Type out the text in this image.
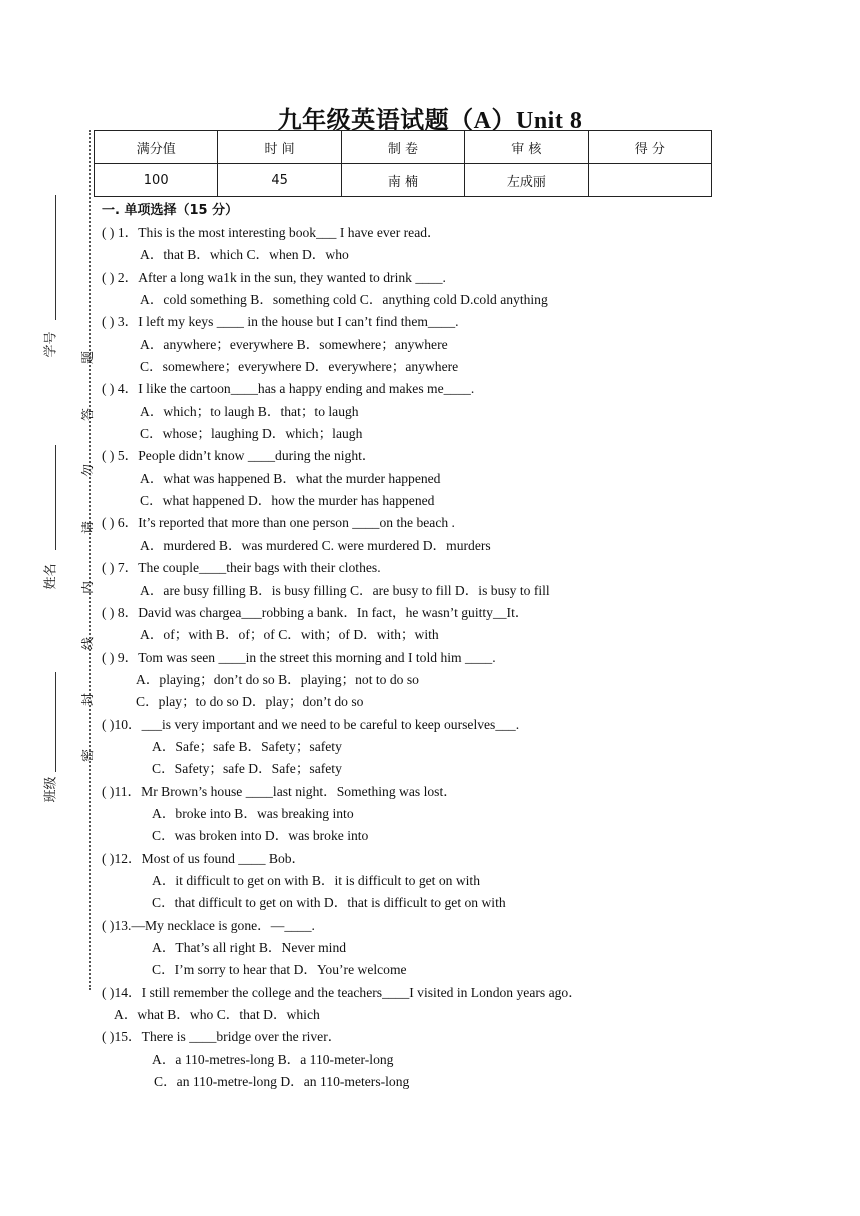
九年级英语试题（A）Unit 8
满分值	时 间	制 卷	审 核	得 分
100	45	南 楠	左成丽	
学号
姓名
班级
题
答
勿
请
内
线
封
密
一. 单项选择（15 分）
( ) 1．This is the most interesting book___ I have ever read．
A．that B．which C．when D．who
( ) 2．After a long wa1k in the sun, they wanted to drink ____.
A．cold something B．something cold C．anything cold D.cold anything
( ) 3．I left my keys ____ in the house but I can’t find them____.
A．anywhere；everywhere B．somewhere；anywhere
C．somewhere；everywhere D．everywhere；anywhere
( ) 4．I like the cartoon____has a happy ending and makes me____.
A．which；to laugh B．that；to laugh
C．whose；laughing D．which；laugh
( ) 5．People didn’t know ____during the night．
A．what was happened B．what the murder happened
C．what happened D．how the murder has happened
( ) 6．It’s reported that more than one person ____on the beach .
A．murdered B．was murdered C. were murdered D．murders
( ) 7．The couple____their bags with their clothes.
A．are busy filling B．is busy filling C．are busy to fill D．is busy to fill
( ) 8．David was chargea___robbing a bank．In fact，he wasn’t guitty__It．
A．of；with B．of；of C．with；of D．with；with
( ) 9．Tom was seen ____in the street this morning and I told him ____.
A．playing；don’t do so B．playing；not to do so
C．play；to do so D．play；don’t do so
( )10．___is very important and we need to be careful to keep ourselves___.
A．Safe；safe B．Safety；safety
C．Safety；safe D．Safe；safety
( )11．Mr Brown’s house ____last night．Something was lost．
A．broke into B．was breaking into
C．was broken into D．was broke into
( )12．Most of us found ____ Bob．
A．it difficult to get on with B．it is difficult to get on with
C．that difficult to get on with D．that is difficult to get on with
( )13.—My necklace is gone．—____.
A．That’s all right B．Never mind
C．I’m sorry to hear that D．You’re welcome
( )14．I still remember the college and the teachers____I visited in London years ago．
A．what B．who C．that D．which
( )15．There is ____bridge over the river．
A．a 110-metres-long B．a 110-meter-long
C．an 110-metre-long D．an 110-meters-long
